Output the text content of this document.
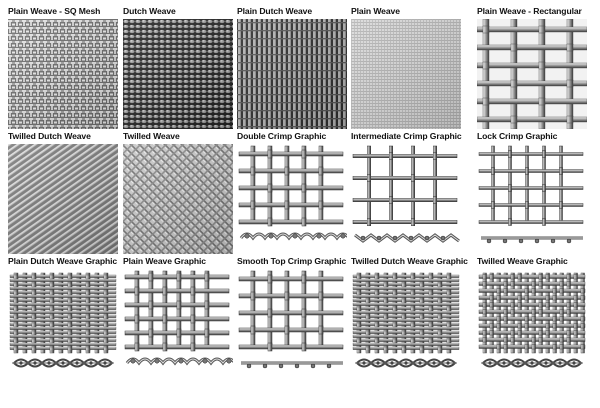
Plain Weave - SQ Mesh	Dutch Weave	Plain Dutch Weave	Plain Weave	Plain Weave - Rectangular
Twilled Dutch Weave	Twilled Weave	Double Crimp Graphic	Intermediate Crimp Graphic Lock Crimp Graphic
Plain Dutch Weave Graphic Plain Weave Graphic	Smooth Top Crimp Graphic Twilled Dutch Weave Graphic Twilled Weave Graphic
